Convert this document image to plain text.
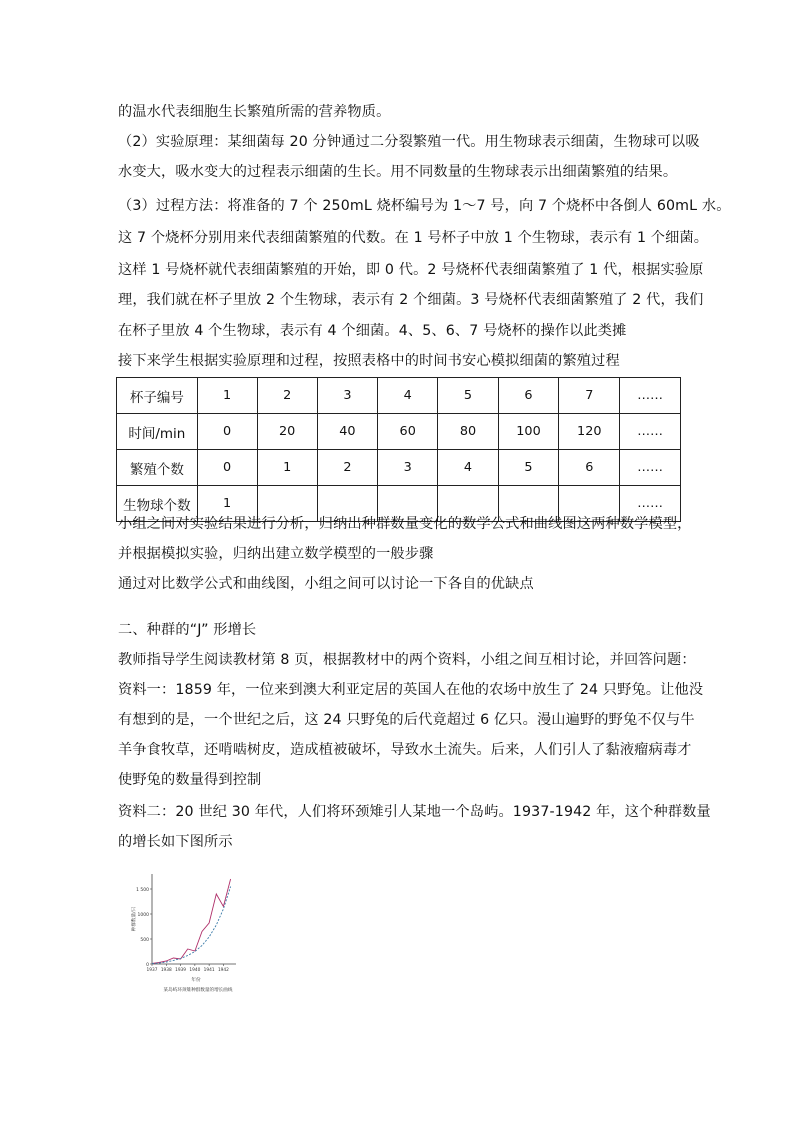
的温水代表细胞生长繁殖所需的营养物质。
（2）实验原理：某细菌每 20 分钟通过二分裂繁殖一代。用生物球表示细菌，生物球可以吸
水变大，吸水变大的过程表示细菌的生长。用不同数量的生物球表示出细菌繁殖的结果。
（3）过程方法：将准备的 7 个 250mL 烧杯编号为 1～7 号，向 7 个烧杯中各倒人 60mL 水。
这 7 个烧杯分别用来代表细菌繁殖的代数。在 1 号杯子中放 1 个生物球，表示有 1 个细菌。
这样 1 号烧杯就代表细菌繁殖的开始，即 0 代。2 号烧杯代表细菌繁殖了 1 代，根据实验原
理，我们就在杯子里放 2 个生物球，表示有 2 个细菌。3 号烧杯代表细菌繁殖了 2 代，我们
在杯子里放 4 个生物球，表示有 4 个细菌。4、5、6、7 号烧杯的操作以此类摊
接下来学生根据实验原理和过程，按照表格中的时间书安心模拟细菌的繁殖过程
杯子编号	1	2	3	4	5	6	7	……
时间/min	0	20	40	60	80	100	120	……
繁殖个数	0	1	2	3	4	5	6	……
生物球个数	1							……
小组之间对实验结果进行分析，归纳出种群数量变化的数学公式和曲线图这两种数学模型，
并根据模拟实验，归纳出建立数学模型的一般步骤
通过对比数学公式和曲线图，小组之间可以讨论一下各自的优缺点
二、种群的“J” 形增长
教师指导学生阅读教材第 8 页，根据教材中的两个资料，小组之间互相讨论，并回答问题：
资料一：1859 年，一位来到澳大利亚定居的英国人在他的农场中放生了 24 只野兔。让他没
有想到的是，一个世纪之后，这 24 只野兔的后代竟超过 6 亿只。漫山遍野的野兔不仅与牛
羊争食牧草，还啃啮树皮，造成植被破坏，导致水土流失。后来，人们引人了黏液瘤病毒才
使野兔的数量得到控制
资料二：20 世纪 30 年代，人们将环颈雉引人某地一个岛屿。1937-1942 年，这个种群数量
的增长如下图所示
0
500
1000
1 500
1937 1938 1939 1940 1941 1942
种群数量/只
年份
某岛屿环颈雉种群数量的增长曲线
